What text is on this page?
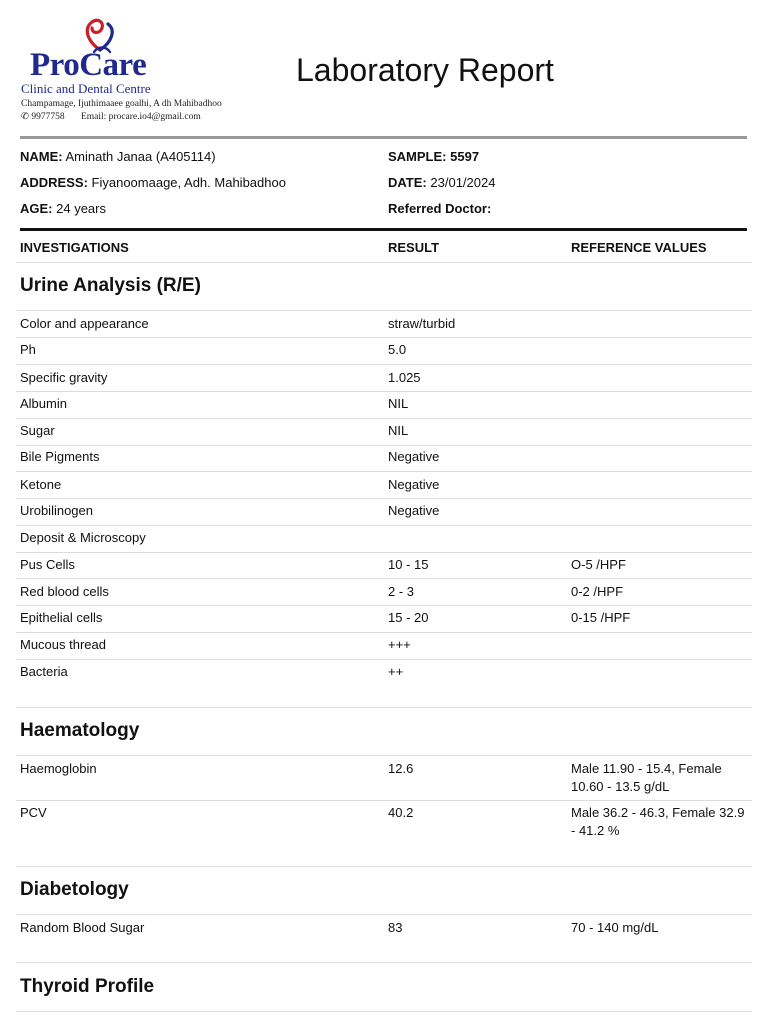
ProCare
Clinic and Dental Centre
Champamage, Ijuthimaaee goalhi, A dh Mahibadhoo
✆ 9977758 Email: procare.io4@gmail.com
Laboratory Report
NAME: Aminath Janaa (A405114)
ADDRESS: Fiyanoomaage, Adh. Mahibadhoo
AGE: 24 years
SAMPLE: 5597
DATE: 23/01/2024
Referred Doctor:
INVESTIGATIONS	RESULT	REFERENCE VALUES
Urine Analysis (R/E)
Color and appearance	straw/turbid
Ph	5.0
Specific gravity	1.025
Albumin	NIL
Sugar	NIL
Bile Pigments	Negative
Ketone	Negative
Urobilinogen	Negative
Deposit & Microscopy
Pus Cells	10 - 15	O-5 /HPF
Red blood cells	2 - 3	0-2 /HPF
Epithelial cells	15 - 20	0-15 /HPF
Mucous thread	+++
Bacteria	++
Haematology
Haemoglobin	12.6	Male 11.90 - 15.4, Female 10.60 - 13.5 g/dL
PCV	40.2	Male 36.2 - 46.3, Female 32.9 - 41.2 %
Diabetology
Random Blood Sugar	83	70 - 140 mg/dL
Thyroid Profile
